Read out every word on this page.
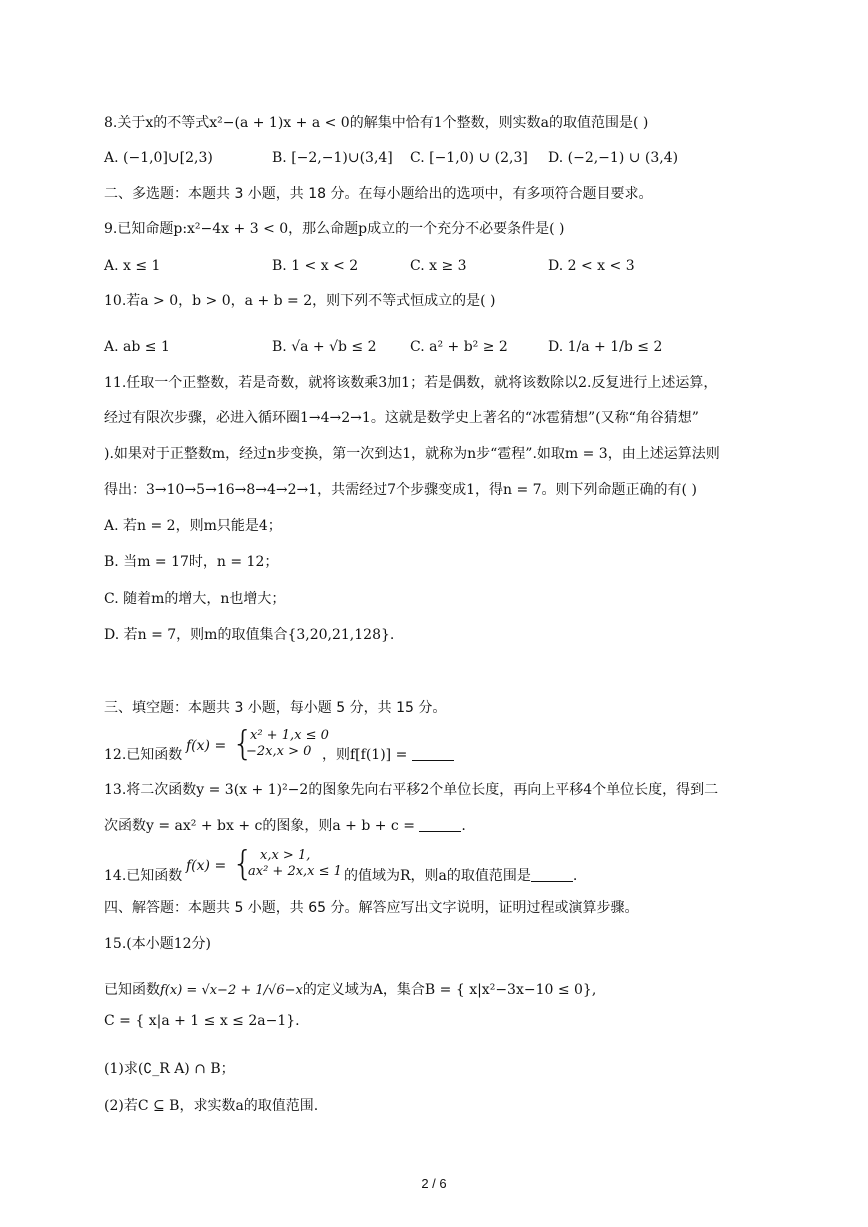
8.关于x的不等式x²−(a + 1)x + a < 0的解集中恰有1个整数，则实数a的取值范围是( )
A. (−1,0]∪[2,3)	B. [−2,−1)∪(3,4] C. [−1,0) ∪ (2,3] D. (−2,−1) ∪ (3,4)
二、多选题：本题共 3 小题，共 18 分。在每小题给出的选项中，有多项符合题目要求。
9.已知命题p:x²−4x + 3 < 0，那么命题p成立的一个充分不必要条件是( )
A. x ≤ 1	B. 1 < x < 2	C. x ≥ 3	D. 2 < x < 3
10.若a > 0，b > 0，a + b = 2，则下列不等式恒成立的是( )
A. ab ≤ 1	B. √a + √b ≤ 2 C. a² + b² ≥ 2	D. 1/a + 1/b ≤ 2
11.任取一个正整数，若是奇数，就将该数乘3加1；若是偶数，就将该数除以2.反复进行上述运算，
经过有限次步骤，必进入循环圈1→4→2→1。这就是数学史上著名的“冰雹猜想”(又称“角谷猜想”
).如果对于正整数m，经过n步变换，第一次到达1，就称为n步“雹程”.如取m = 3，由上述运算法则
得出：3→10→5→16→8→4→2→1，共需经过7个步骤变成1，得n = 7。则下列命题正确的有( )
A. 若n = 2，则m只能是4；
B. 当m = 17时，n = 12；
C. 随着m的增大，n也增大；
D. 若n = 7，则m的取值集合{3,20,21,128}.
三、填空题：本题共 3 小题，每小题 5 分，共 15 分。
12.已知函数
f(x) = {
x² + 1,x ≤ 0
−2x,x > 0 ，则f[f(1)] =
13.将二次函数y = 3(x + 1)²−2的图象先向右平移2个单位长度，再向上平移4个单位长度，得到二
次函数y = ax² + bx + c的图象，则a + b + c =	.
14.已知函数
f(x) = { x,x > 1,
ax² + 2x,x ≤ 1 的值域为R，则a的取值范围是	.
四、解答题：本题共 5 小题，共 65 分。解答应写出文字说明，证明过程或演算步骤。
15.(本小题12分)
已知函数f(x) = √x−2 + 1/√6−x的定义域为A，集合B = { x|x²−3x−10 ≤ 0},
C = { x|a + 1 ≤ x ≤ 2a−1}.
(1)求(∁_R A) ∩ B；
(2)若C ⊆ B，求实数a的取值范围.
2 / 6
